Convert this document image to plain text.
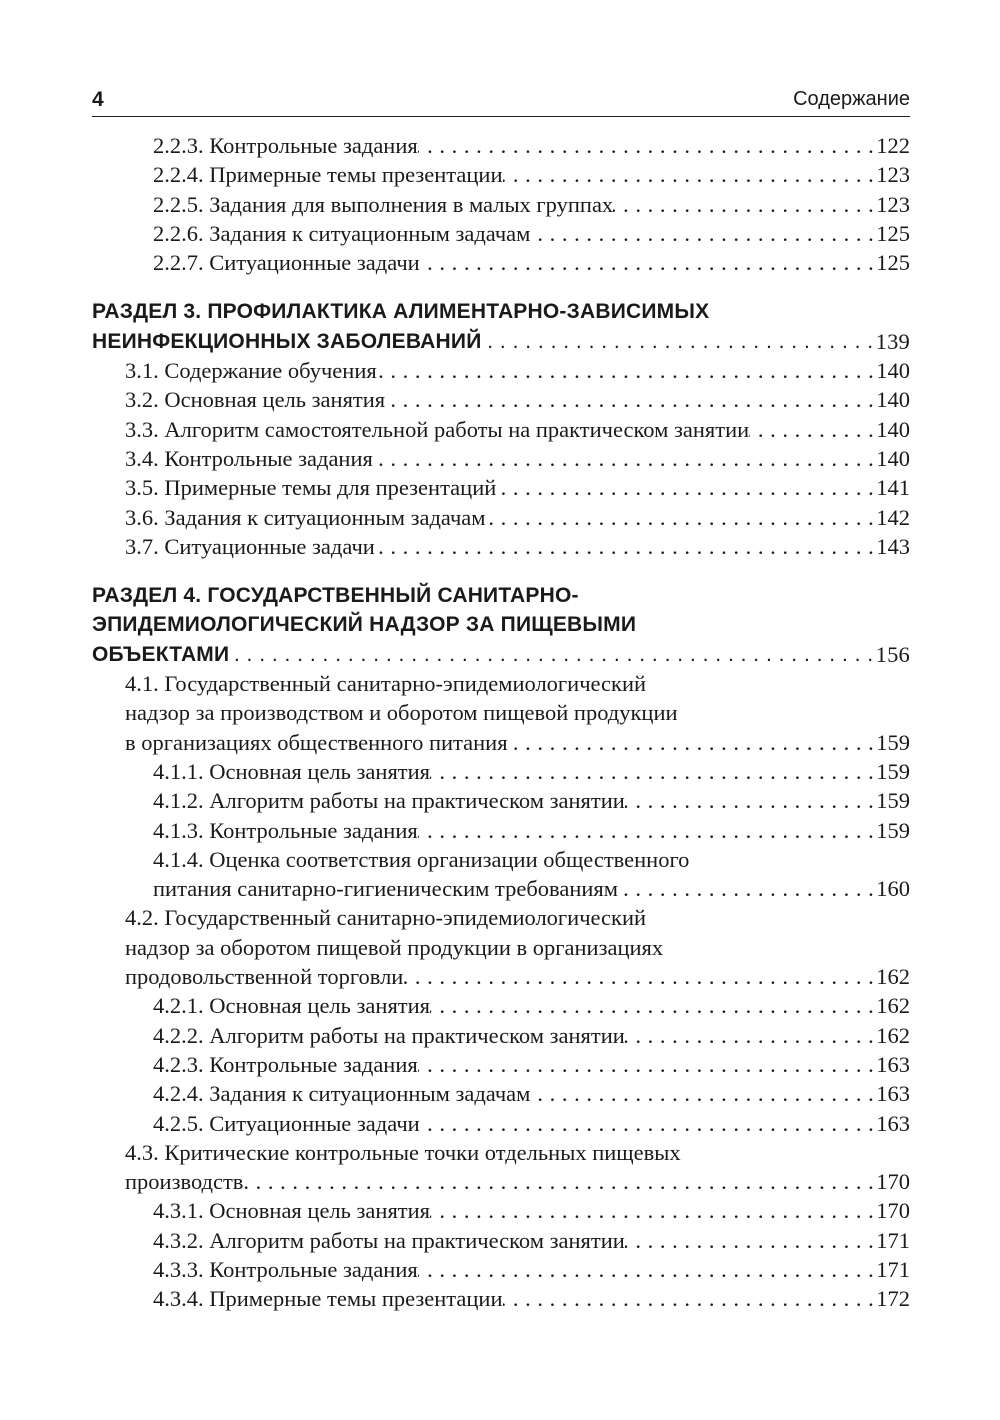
4	Содержание
2.2.3. Контрольные задания . . .	122
2.2.4. Примерные темы презентации . . .	123
2.2.5. Задания для выполнения в малых группах . . .	123
2.2.6. Задания к ситуационным задачам . . .	125
2.2.7. Ситуационные задачи . . .	125
РАЗДЕЛ 3. ПРОФИЛАКТИКА АЛИМЕНТАРНО-ЗАВИСИМЫХ
НЕИНФЕКЦИОННЫХ ЗАБОЛЕВАНИЙ . . .	139
3.1. Содержание обучения . . .	140
3.2. Основная цель занятия . . .	140
3.3. Алгоритм самостоятельной работы на практическом занятии . . .	140
3.4. Контрольные задания . . .	140
3.5. Примерные темы для презентаций . . .	141
3.6. Задания к ситуационным задачам . . .	142
3.7. Ситуационные задачи . . .	143
РАЗДЕЛ 4. ГОСУДАРСТВЕННЫЙ САНИТАРНО-
ЭПИДЕМИОЛОГИЧЕСКИЙ НАДЗОР ЗА ПИЩЕВЫМИ
ОБЪЕКТАМИ . . .	156
4.1. Государственный санитарно-эпидемиологический
надзор за производством и оборотом пищевой продукции
в организациях общественного питания . . .	159
4.1.1. Основная цель занятия . . .	159
4.1.2. Алгоритм работы на практическом занятии . . .	159
4.1.3. Контрольные задания . . .	159
4.1.4. Оценка соответствия организации общественного
питания санитарно-гигиеническим требованиям . . .	160
4.2. Государственный санитарно-эпидемиологический
надзор за оборотом пищевой продукции в организациях
продовольственной торговли . . .	162
4.2.1. Основная цель занятия . . .	162
4.2.2. Алгоритм работы на практическом занятии . . .	162
4.2.3. Контрольные задания . . .	163
4.2.4. Задания к ситуационным задачам . . .	163
4.2.5. Ситуационные задачи . . .	163
4.3. Критические контрольные точки отдельных пищевых
производств . . .	170
4.3.1. Основная цель занятия . . .	170
4.3.2. Алгоритм работы на практическом занятии . . .	171
4.3.3. Контрольные задания . . .	171
4.3.4. Примерные темы презентации . . .	172
